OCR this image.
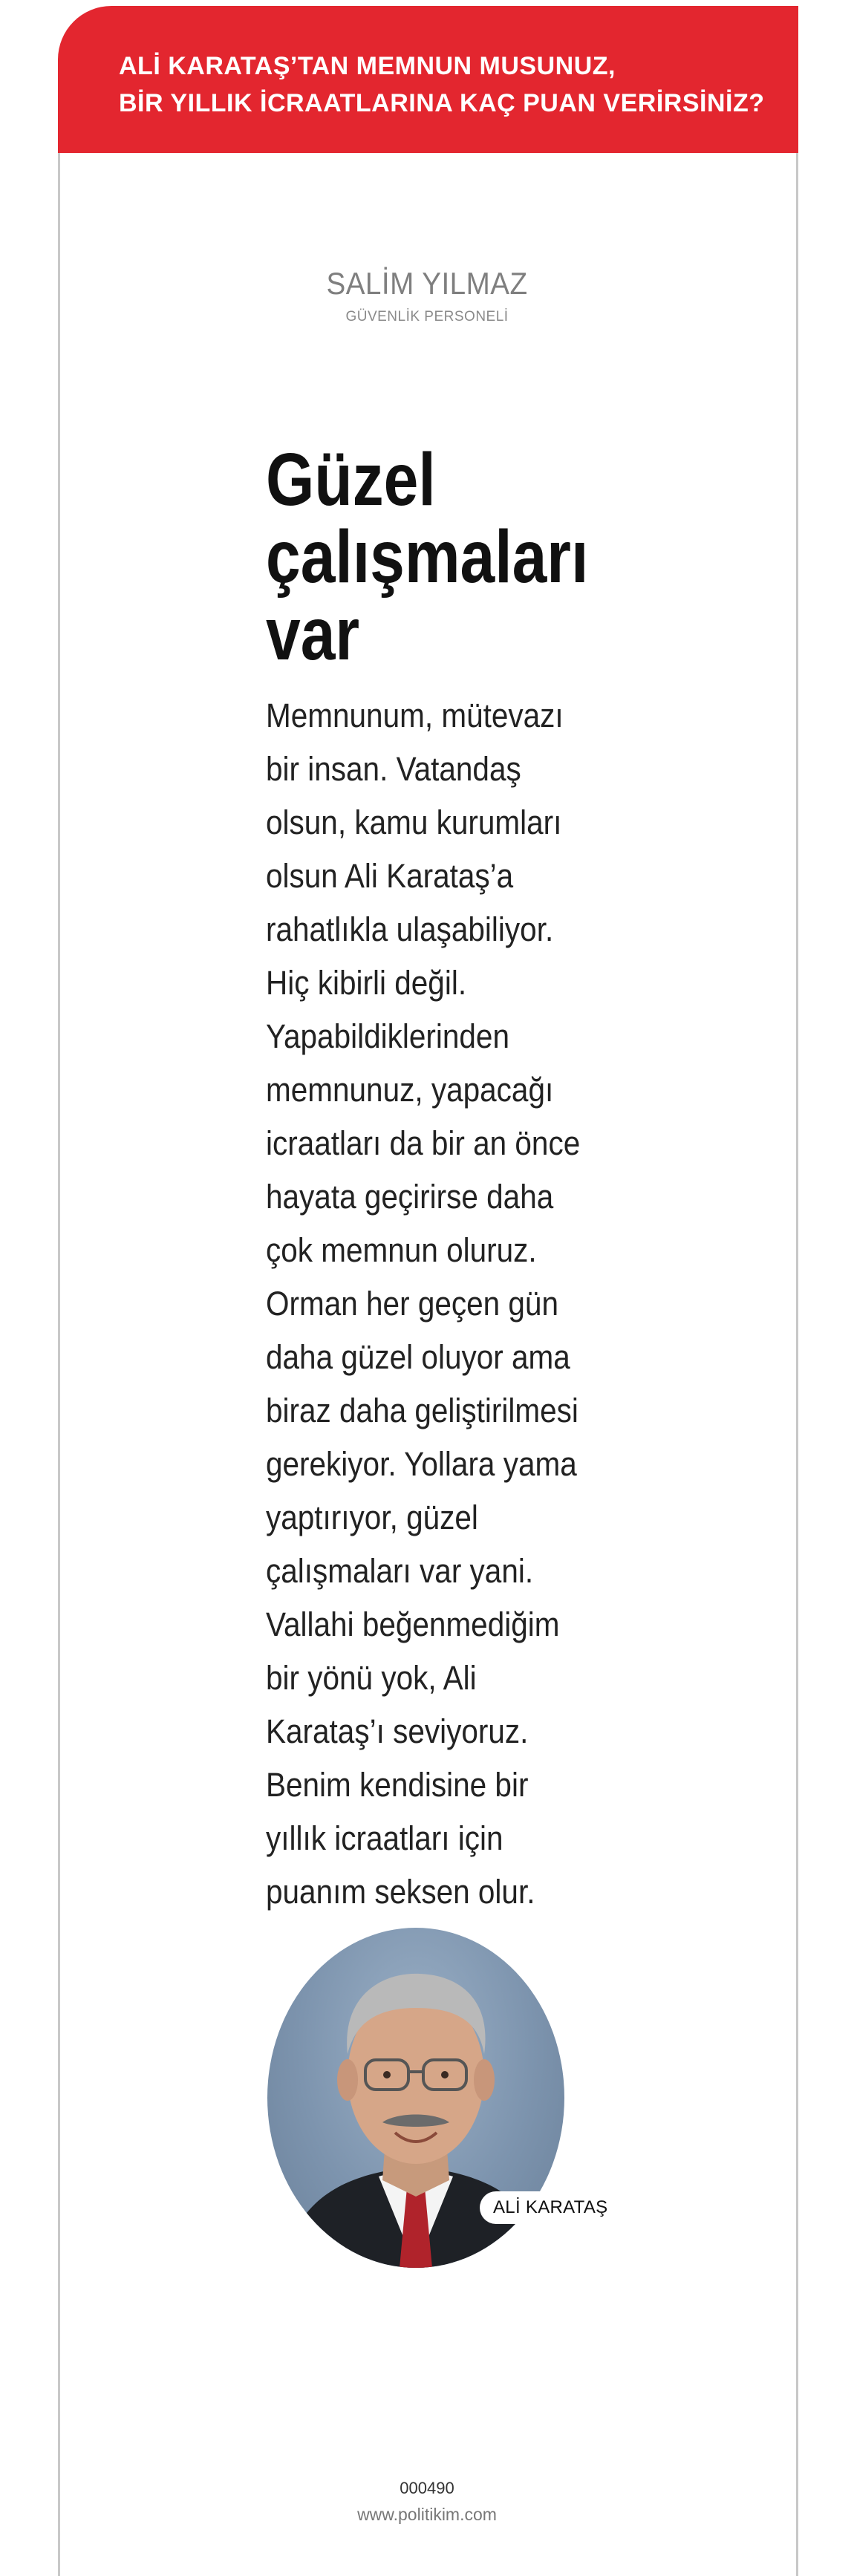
ALİ KARATAŞ’TAN MEMNUN MUSUNUZ,
BİR YILLIK İCRAATLARINA KAÇ PUAN VERİRSİNİZ?

SALİM YILMAZ

GÜVENLİK PERSONELİ

Güzel
çalışmaları
var
Memnunum, mütevazı
bir insan. Vatandaş
olsun, kamu kurumları
olsun Ali Karataş’a
rahatlıkla ulaşabiliyor.
Hiç kibirli değil.
Yapabildiklerinden
memnunuz, yapacağı
icraatları da bir an önce
hayata geçirirse daha
çok memnun oluruz.
Orman her geçen gün
daha güzel oluyor ama
biraz daha geliştirilmesi
gerekiyor. Yollara yama
yaptırıyor, güzel
çalışmaları var yani.
Vallahi beğenmediğim
bir yönü yok, Ali
Karataş’ı seviyoruz.
Benim kendisine bir
yıllık icraatları için
puanım seksen olur.

ALİ KARATAŞ

000490

www.politikim.com
